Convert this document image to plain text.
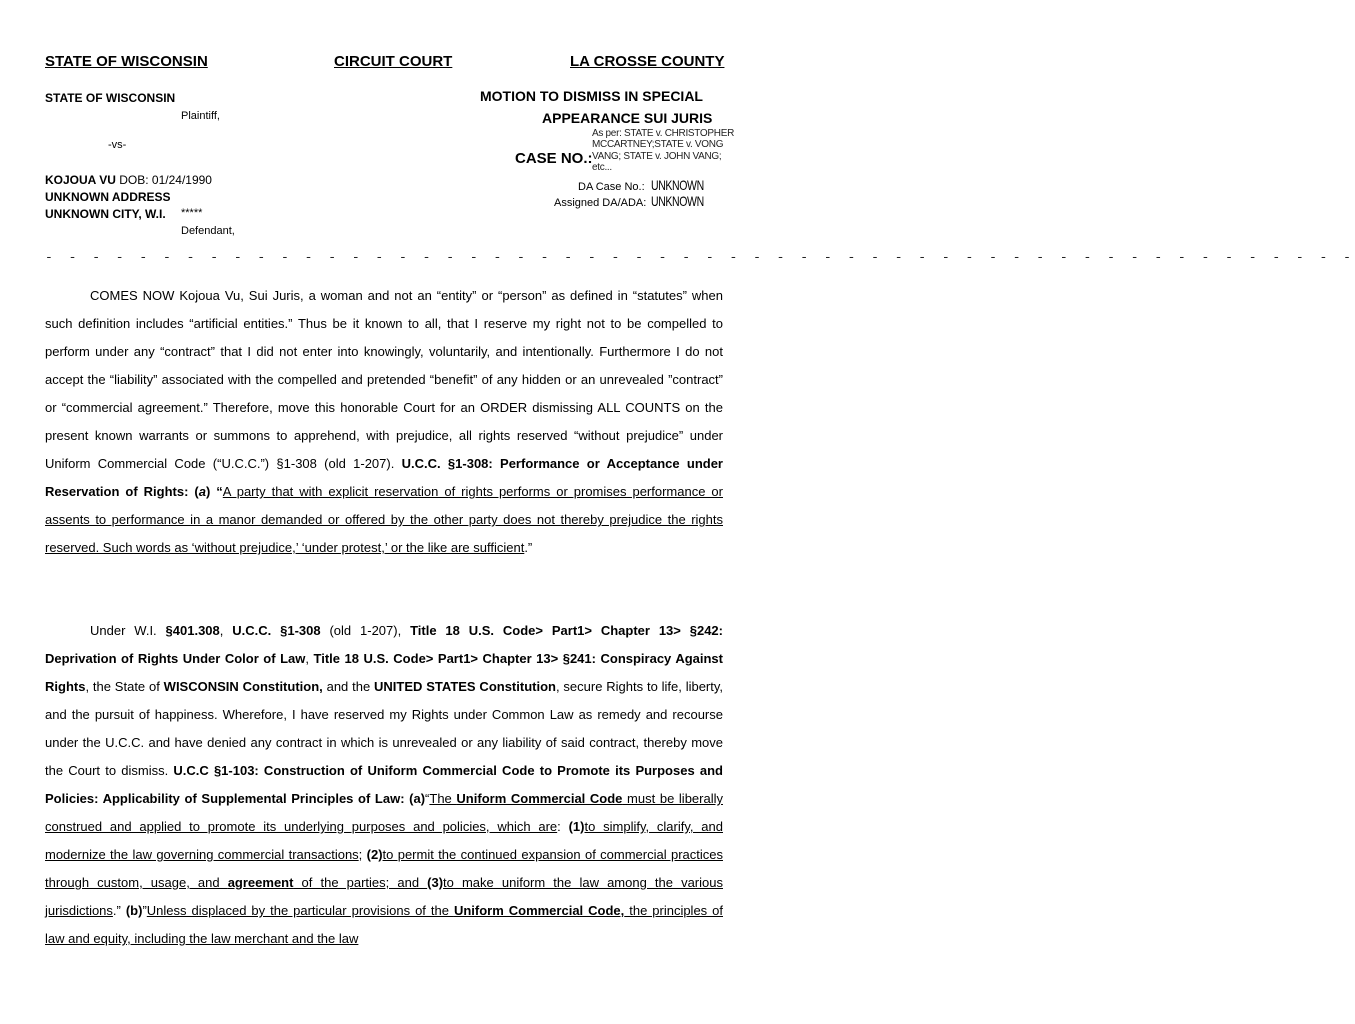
STATE OF WISCONSIN	CIRCUIT COURT	LA CROSSE COUNTY
STATE OF WISCONSIN
Plaintiff,
-vs-
KOJOUA VU DOB: 01/24/1990
UNKNOWN ADDRESS
UNKNOWN CITY, W.I. *****
Defendant,
MOTION TO DISMISS IN SPECIAL
APPEARANCE SUI JURIS
CASE NO.:
As per: STATE v. CHRISTOPHER
MCCARTNEY;STATE v. VONG
VANG; STATE v. JOHN VANG;
etc...
DA Case No.: UNKNOWN
Assigned DA/ADA: UNKNOWN
- - - - - - - - - - - - - - - - - - - - - - - - - - - - - - - - - - - - - - - - - - - - - - - - - - - - - - - -

COMES NOW Kojoua Vu, Sui Juris, a woman and not an “entity” or “person” as defined in “statutes” when such definition includes “artificial entities.” Thus be it known to all, that I reserve my right not to be compelled to perform under any “contract” that I did not enter into knowingly, voluntarily, and intentionally. Furthermore I do not accept the “liability” associated with the compelled and pretended “benefit” of any hidden or an unrevealed ”contract” or “commercial agreement.” Therefore, move this honorable Court for an ORDER dismissing ALL COUNTS on the present known warrants or summons to apprehend, with prejudice, all rights reserved “without prejudice” under Uniform Commercial Code (“U.C.C.”) §1-308 (old 1-207). U.C.C. §1-308: Performance or Acceptance under Reservation of Rights: (a) “A party that with explicit reservation of rights performs or promises performance or assents to performance in a manor demanded or offered by the other party does not thereby prejudice the rights reserved. Such words as ‘without prejudice,’ ‘under protest,’ or the like are sufficient.”

Under W.I. §401.308, U.C.C. §1-308 (old 1-207), Title 18 U.S. Code> Part1> Chapter 13> §242: Deprivation of Rights Under Color of Law, Title 18 U.S. Code> Part1> Chapter 13> §241: Conspiracy Against Rights, the State of WISCONSIN Constitution, and the UNITED STATES Constitution, secure Rights to life, liberty, and the pursuit of happiness. Wherefore, I have reserved my Rights under Common Law as remedy and recourse under the U.C.C. and have denied any contract in which is unrevealed or any liability of said contract, thereby move the Court to dismiss. U.C.C §1-103: Construction of Uniform Commercial Code to Promote its Purposes and Policies: Applicability of Supplemental Principles of Law: (a)“The Uniform Commercial Code must be liberally construed and applied to promote its underlying purposes and policies, which are: (1)to simplify, clarify, and modernize the law governing commercial transactions; (2)to permit the continued expansion of commercial practices through custom, usage, and agreement of the parties; and (3)to make uniform the law among the various jurisdictions.” (b)”Unless displaced by the particular provisions of the Uniform Commercial Code, the principles of law and equity, including the law merchant and the law
